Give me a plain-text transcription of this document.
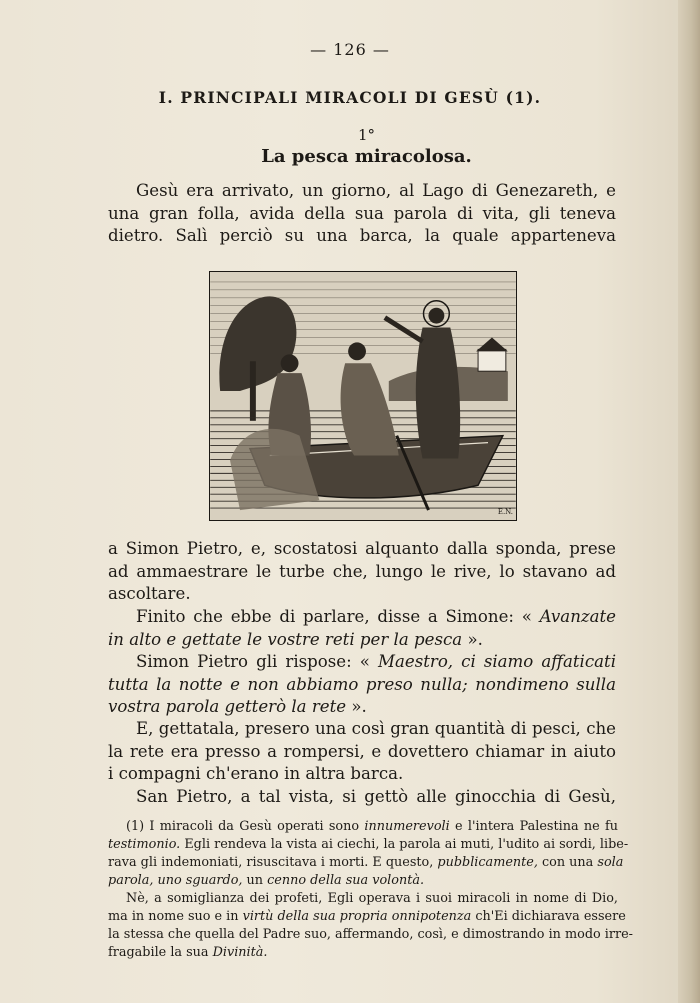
— 126 —
I. PRINCIPALI MIRACOLI DI GESÙ (1).
1°
La pesca miracolosa.
Gesù era arrivato, un giorno, al Lago di Genezareth, e
una gran folla, avida della sua parola di vita, gli teneva
dietro. Salì perciò su una barca, la quale apparteneva
E.N.
a Simon Pietro, e, scostatosi alquanto dalla sponda, prese
ad ammaestrare le turbe che, lungo le rive, lo stavano ad
ascoltare.
Finito che ebbe di parlare, disse a Simone: « Avanzate
in alto e gettate le vostre reti per la pesca ».
Simon Pietro gli rispose: « Maestro, ci siamo affaticati
tutta la notte e non abbiamo preso nulla; nondimeno sulla
vostra parola getterò la rete ».
E, gettatala, presero una così gran quantità di pesci, che
la rete era presso a rompersi, e dovettero chiamar in aiuto
i compagni ch'erano in altra barca.
San Pietro, a tal vista, si gettò alle ginocchia di Gesù,
(1) I miracoli da Gesù operati sono innumerevoli e l'intera Palestina ne fu
testimonio. Egli rendeva la vista ai ciechi, la parola ai muti, l'udito ai sordi, libe-
rava gli indemoniati, risuscitava i morti. E questo, pubblicamente, con una sola
parola, uno sguardo, un cenno della sua volontà.
Nè, a somiglianza dei profeti, Egli operava i suoi miracoli in nome di Dio,
ma in nome suo e in virtù della sua propria onnipotenza ch'Ei dichiarava essere
la stessa che quella del Padre suo, affermando, così, e dimostrando in modo irre-
fragabile la sua Divinità.
